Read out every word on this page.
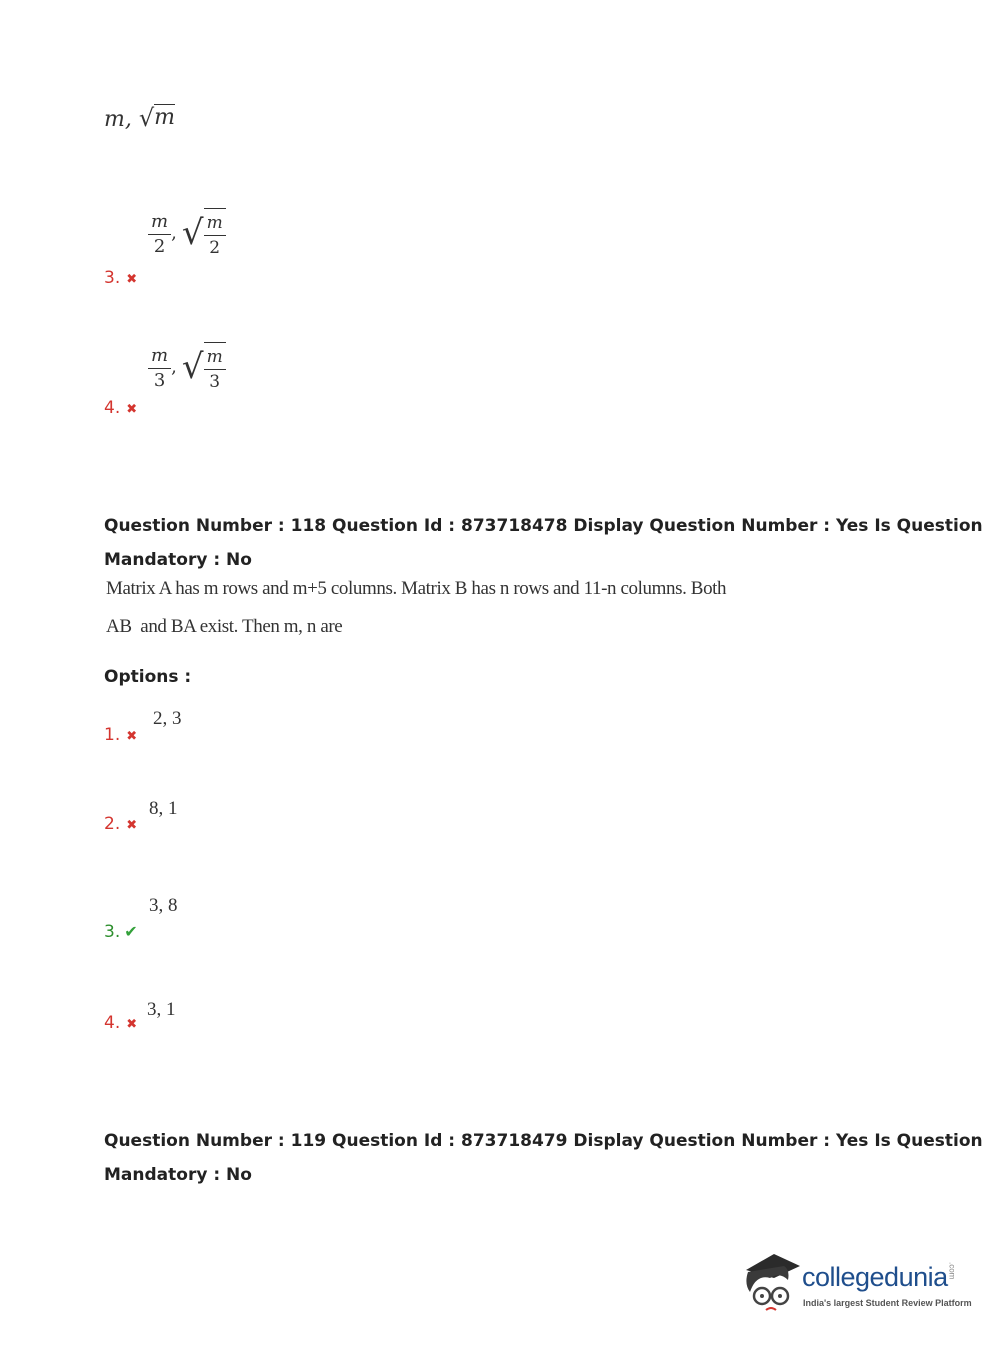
m, √ m
$\frac{m}{2}$ , √ $\frac{m}{2}$
3. ✖
$\frac{m}{3}$ , √ $\frac{m}{3}$
4. ✖
Question Number : 118 Question Id : 873718478 Display Question Number : Yes Is Question
Mandatory : No
Matrix A has m rows and m+5 columns. Matrix B has n rows and 11-n columns. Both
AB  and BA exist. Then m, n are
Options :
2, 3
1. ✖
8, 1
2. ✖
3, 8
3. ✔
3, 1
4. ✖
Question Number : 119 Question Id : 873718479 Display Question Number : Yes Is Question
Mandatory : No
collegedunia.com
India's largest Student Review Platform
